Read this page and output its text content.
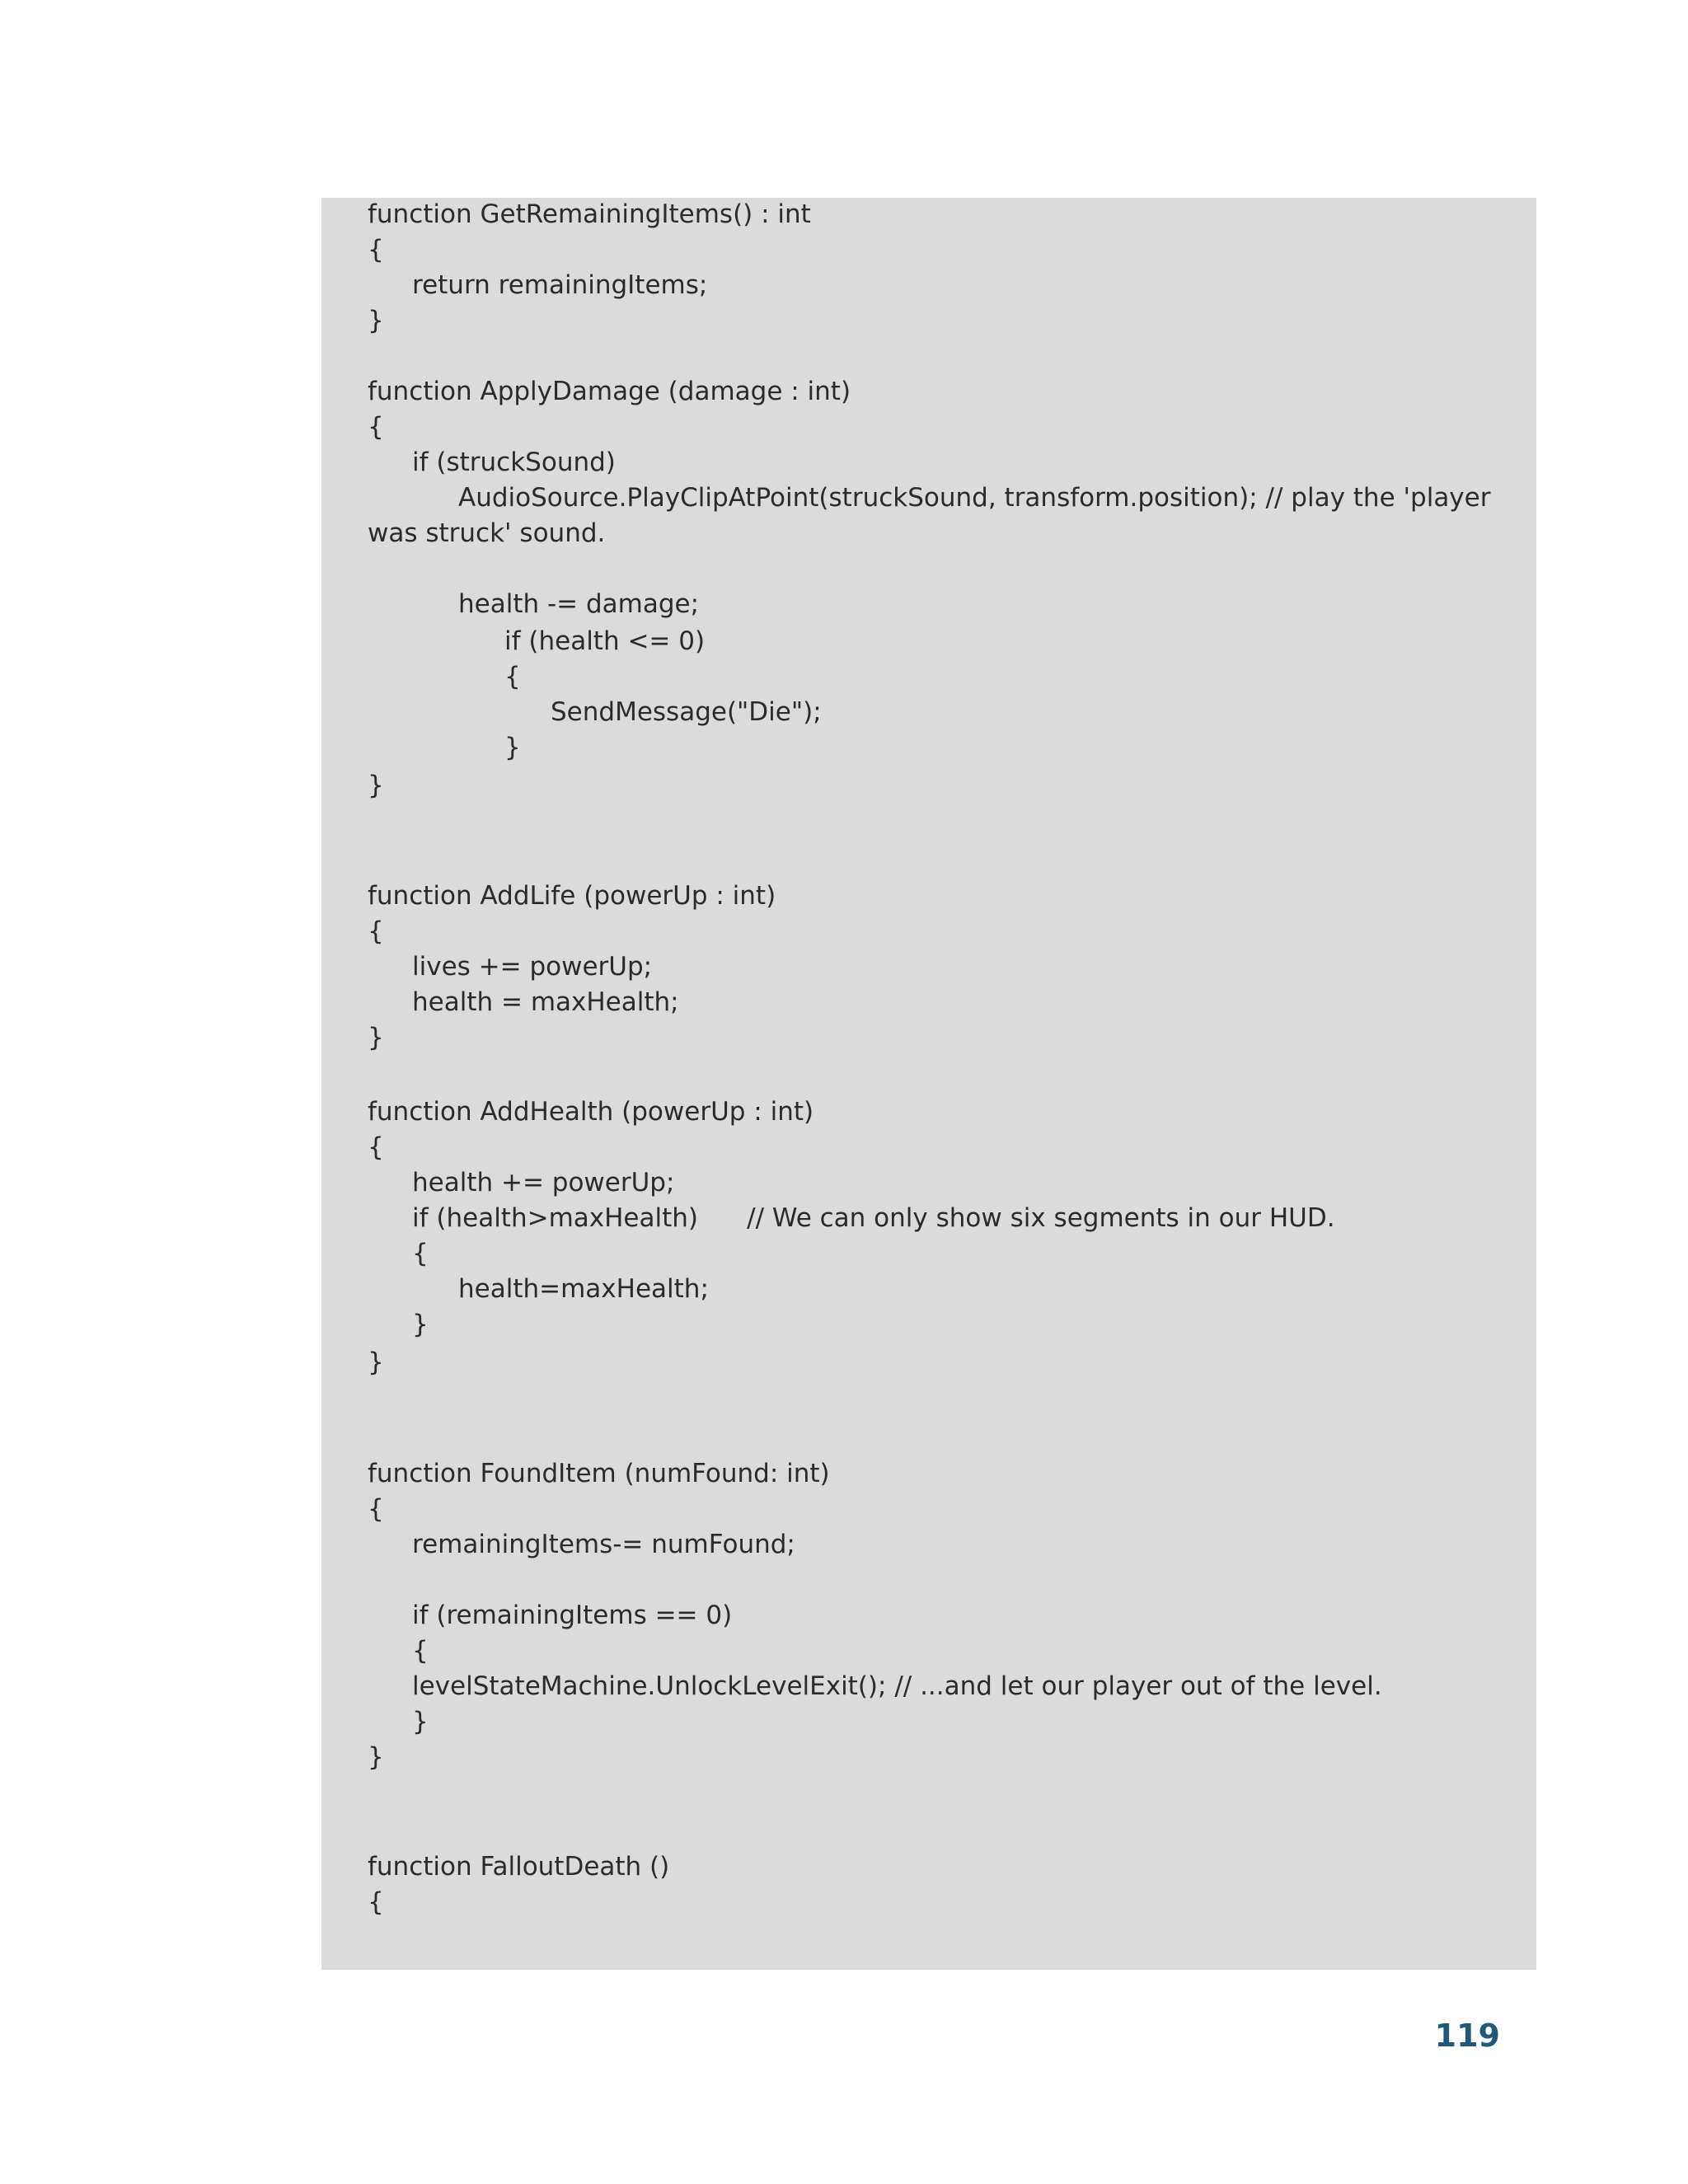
function GetRemainingItems() : int
{
return remainingItems;
}
function ApplyDamage (damage : int)
{
if (struckSound)
AudioSource.PlayClipAtPoint(struckSound, transform.position); // play the 'player
was struck' sound.
health -= damage;
if (health <= 0)
{
SendMessage("Die");
}
}
function AddLife (powerUp : int)
{
lives += powerUp;
health = maxHealth;
}
function AddHealth (powerUp : int)
{
health += powerUp;
if (health>maxHealth)      // We can only show six segments in our HUD.
{
health=maxHealth;
}
}
function FoundItem (numFound: int)
{
remainingItems-= numFound;
if (remainingItems == 0)
{
levelStateMachine.UnlockLevelExit(); // ...and let our player out of the level.
}
}
function FalloutDeath ()
{
119
